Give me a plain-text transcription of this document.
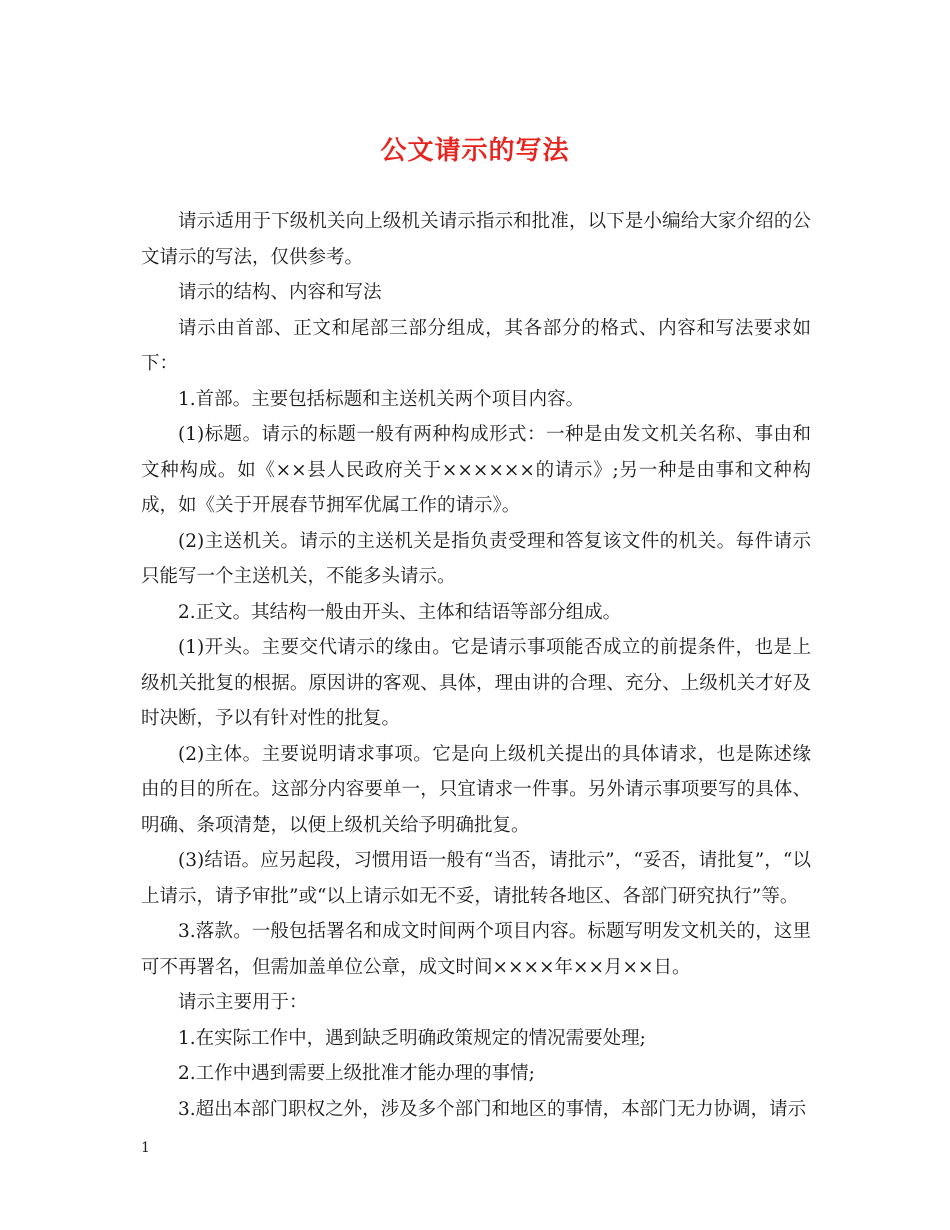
公文请示的写法

请示适用于下级机关向上级机关请示指示和批准，以下是小编给大家介绍的公文请示的写法，仅供参考。

请示的结构、内容和写法

请示由首部、正文和尾部三部分组成，其各部分的格式、内容和写法要求如下：

1.首部。主要包括标题和主送机关两个项目内容。

(1)标题。请示的标题一般有两种构成形式：一种是由发文机关名称、事由和文种构成。如《××县人民政府关于××××××的请示》;另一种是由事和文种构成，如《关于开展春节拥军优属工作的请示》。

(2)主送机关。请示的主送机关是指负责受理和答复该文件的机关。每件请示只能写一个主送机关，不能多头请示。

2.正文。其结构一般由开头、主体和结语等部分组成。

(1)开头。主要交代请示的缘由。它是请示事项能否成立的前提条件，也是上级机关批复的根据。原因讲的客观、具体，理由讲的合理、充分、上级机关才好及时决断，予以有针对性的批复。

(2)主体。主要说明请求事项。它是向上级机关提出的具体请求，也是陈述缘由的目的所在。这部分内容要单一，只宜请求一件事。另外请示事项要写的具体、明确、条项清楚，以便上级机关给予明确批复。

(3)结语。应另起段，习惯用语一般有“当否，请批示”，“妥否，请批复”，“以上请示，请予审批”或“以上请示如无不妥，请批转各地区、各部门研究执行”等。

3.落款。一般包括署名和成文时间两个项目内容。标题写明发文机关的，这里可不再署名，但需加盖单位公章，成文时间××××年××月××日。

请示主要用于：

1.在实际工作中，遇到缺乏明确政策规定的情况需要处理;

2.工作中遇到需要上级批准才能办理的事情;

3.超出本部门职权之外，涉及多个部门和地区的事情，本部门无力协调，请示

1
